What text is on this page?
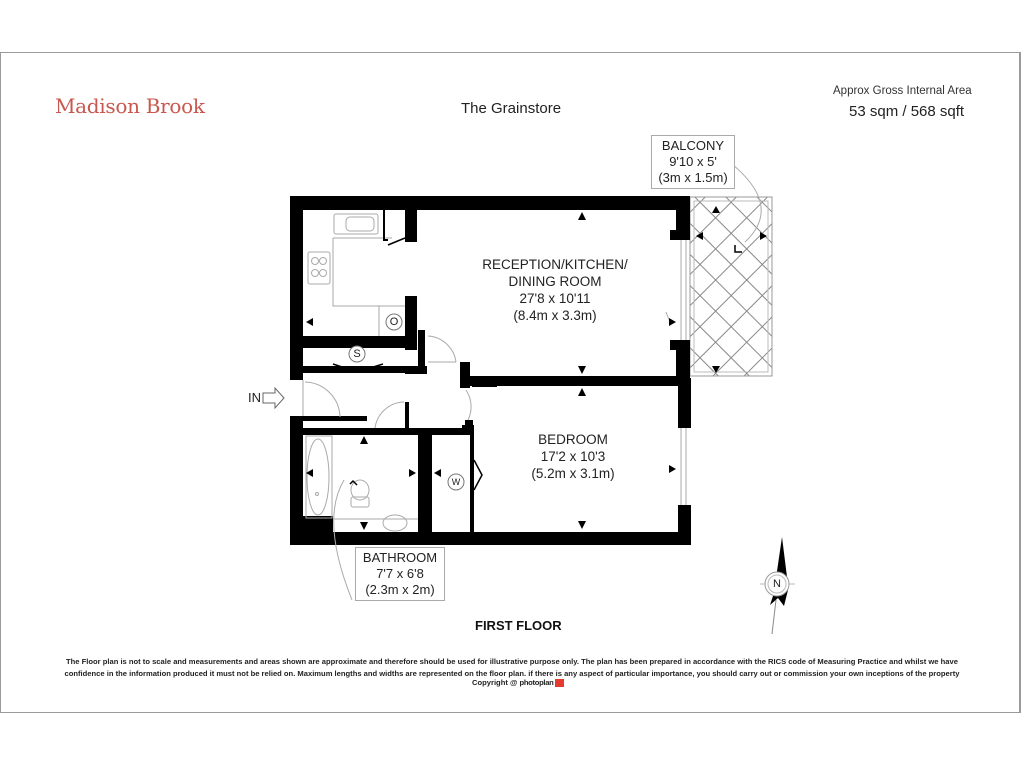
Madison Brook	The Grainstore
Approx Gross Internal Area
53 sqm / 568 sqft
O
S
W
N
IN
RECEPTION/KITCHEN/
DINING ROOM
27'8 x 10'11
(8.4m x 3.3m)
BEDROOM
17'2 x 10'3
(5.2m x 3.1m)
BALCONY
9'10 x 5'
(3m x 1.5m)
BATHROOM
7'7 x 6'8
(2.3m x 2m)
FIRST FLOOR
The Floor plan is not to scale and measurements and areas shown are approximate and therefore should be used for illustrative purpose only. The plan has been prepared in accordance with the RICS code of Measuring Practice and whilst we have
confidence in the information produced it must not be relied on. Maximum lengths and widths are represented on the floor plan. if there is any aspect of particular importance, you should carry out or commission your own inceptions of the property
Copyright @ photoplan
